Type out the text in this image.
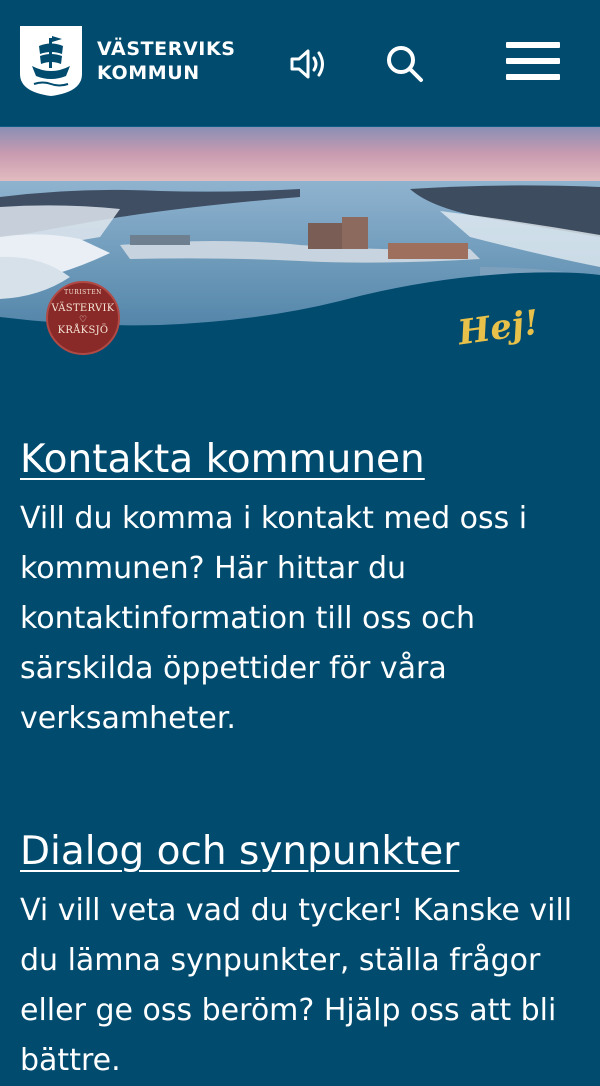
VÄSTERVIKS
KOMMUN
TURISTEN
VÄSTERVIK
♡
KRÅKSJÖ	Hej!
Kontakta kommunen

Vill du komma i kontakt med oss i kommunen? Här hittar du kontaktinformation till oss och särskilda öppettider för våra verksamheter.

Dialog och synpunkter

Vi vill veta vad du tycker! Kanske vill du lämna synpunkter, ställa frågor eller ge oss beröm? Hjälp oss att bli bättre.
